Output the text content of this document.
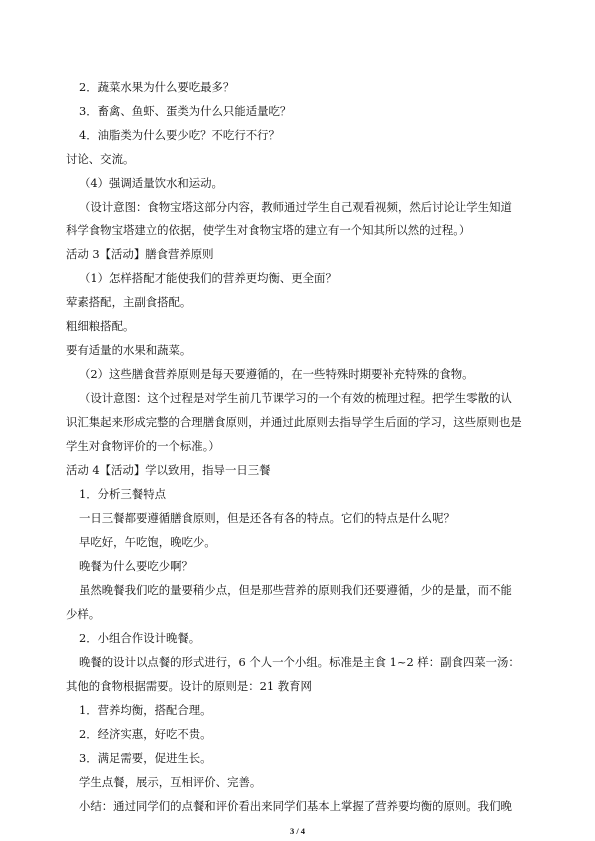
2．蔬菜水果为什么要吃最多？
3．畜禽、鱼虾、蛋类为什么只能适量吃？
4．油脂类为什么要少吃？不吃行不行？
讨论、交流。
（4）强调适量饮水和运动。
（设计意图：食物宝塔这部分内容，教师通过学生自己观看视频，然后讨论让学生知道
科学食物宝塔建立的依据，使学生对食物宝塔的建立有一个知其所以然的过程。）
活动 3【活动】膳食营养原则
（1）怎样搭配才能使我们的营养更均衡、更全面？
荤素搭配，主副食搭配。
粗细粮搭配。
要有适量的水果和蔬菜。
（2）这些膳食营养原则是每天要遵循的，在一些特殊时期要补充特殊的食物。
（设计意图：这个过程是对学生前几节课学习的一个有效的梳理过程。把学生零散的认
识汇集起来形成完整的合理膳食原则，并通过此原则去指导学生后面的学习，这些原则也是
学生对食物评价的一个标准。）
活动 4【活动】学以致用，指导一日三餐
1．分析三餐特点
一日三餐都要遵循膳食原则，但是还各有各的特点。它们的特点是什么呢？
早吃好，午吃饱，晚吃少。
晚餐为什么要吃少啊？
虽然晚餐我们吃的量要稍少点，但是那些营养的原则我们还要遵循，少的是量，而不能
少样。
2．小组合作设计晚餐。
晚餐的设计以点餐的形式进行，6 个人一个小组。标准是主食 1~2 样：副食四菜一汤：
其他的食物根据需要。设计的原则是：21 教育网
1．营养均衡，搭配合理。
2．经济实惠，好吃不贵。
3．满足需要，促进生长。
学生点餐，展示，互相评价、完善。
小结：通过同学们的点餐和评价看出来同学们基本上掌握了营养要均衡的原则。我们晚
3 / 4
